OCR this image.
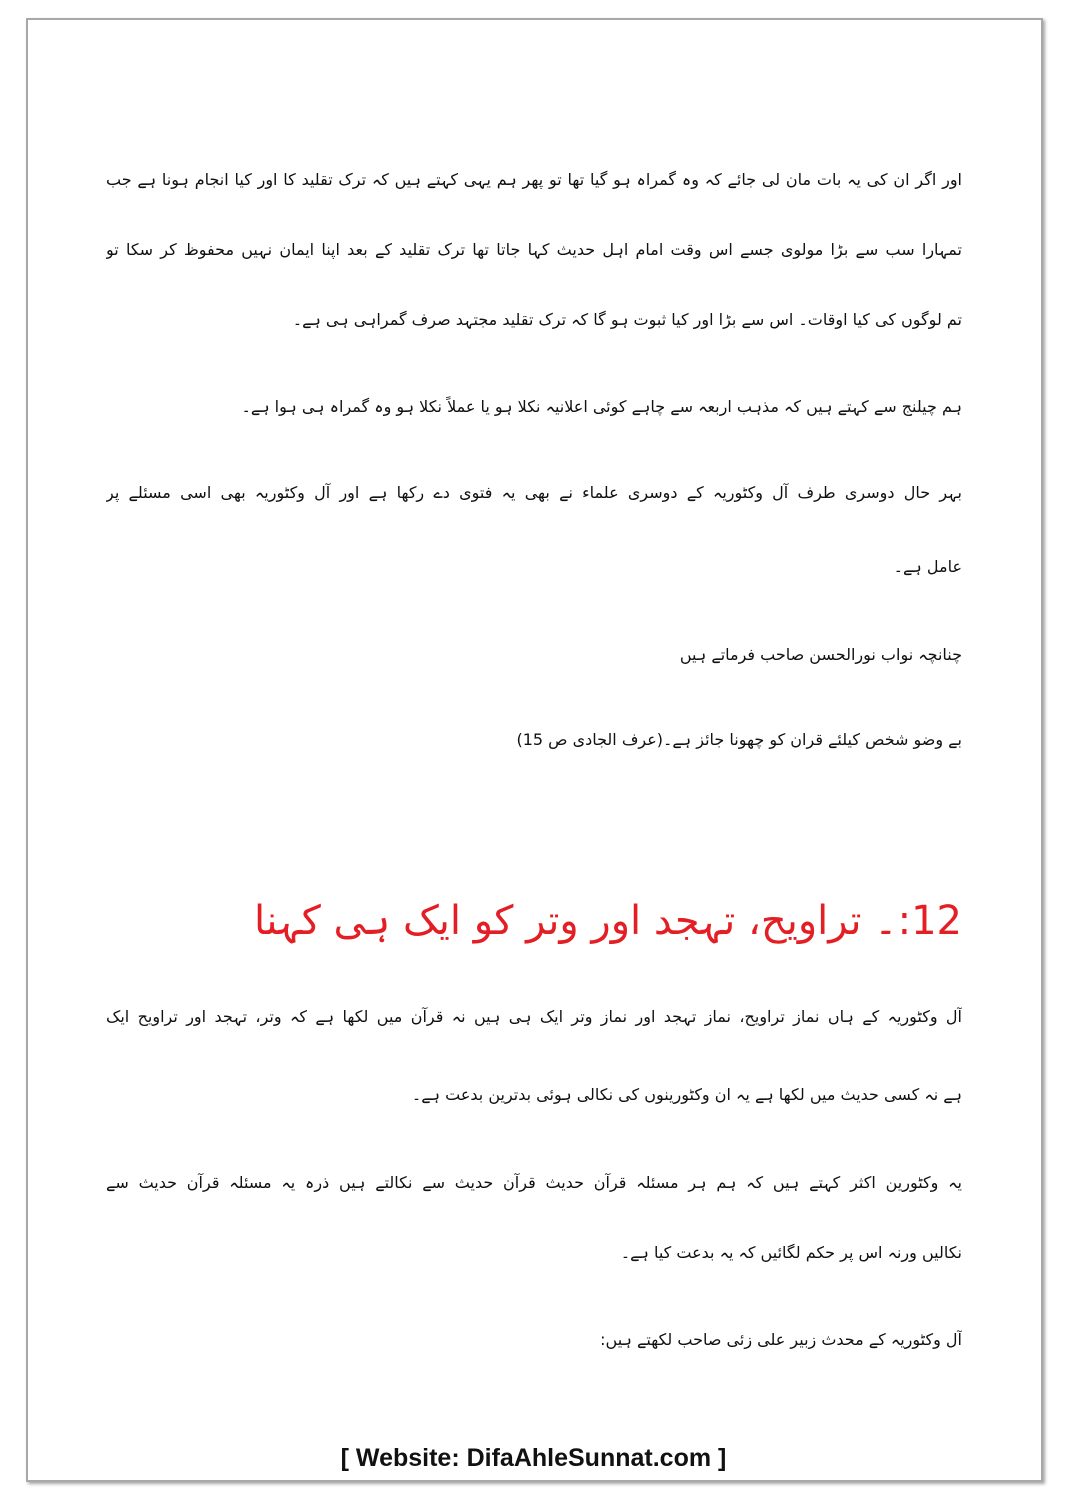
اور اگر ان کی یہ بات مان لی جائے کہ وہ گمراہ ہو گیا تھا تو پھر ہم یہی کہتے ہیں کہ ترک تقلید کا اور کیا انجام ہونا ہے جب
تمہارا سب سے بڑا مولوی جسے اس وقت امام اہل حدیث کہا جاتا تھا ترک تقلید کے بعد اپنا ایمان نہیں محفوظ کر سکا تو
تم لوگوں کی کیا اوقات۔ اس سے بڑا اور کیا ثبوت ہو گا کہ ترک تقلید مجتہد صرف گمراہی ہی ہے۔
ہم چیلنج سے کہتے ہیں کہ مذہب اربعہ سے چاہے کوئی اعلانیہ نکلا ہو یا عملاً نکلا ہو وہ گمراہ ہی ہوا ہے۔
بہر حال دوسری طرف آل وکٹوریہ کے دوسری علماء نے بھی یہ فتوی دے رکھا ہے اور آل وکٹوریہ بھی اسی مسئلے پر
عامل ہے۔
چنانچہ نواب نورالحسن صاحب فرماتے ہیں
بے وضو شخص کیلئے قران کو چھونا جائز ہے۔(عرف الجادی ص 15)
12:۔ تراویح، تہجد اور وتر کو ایک ہی کہنا
آل وکٹوریہ کے ہاں نماز تراویح، نماز تہجد اور نماز وتر ایک ہی ہیں نہ قرآن میں لکھا ہے کہ وتر، تہجد اور تراویح ایک
ہے نہ کسی حدیث میں لکھا ہے یہ ان وکٹورینوں کی نکالی ہوئی بدترین بدعت ہے۔
یہ وکٹورین اکثر کہتے ہیں کہ ہم ہر مسئلہ قرآن حدیث قرآن حدیث سے نکالتے ہیں ذرہ یہ مسئلہ قرآن حدیث سے
نکالیں ورنہ اس پر حکم لگائیں کہ یہ بدعت کیا ہے۔
آل وکٹوریہ کے محدث زبیر علی زئی صاحب لکھتے ہیں:
[ Website: DifaAhleSunnat.com ]
